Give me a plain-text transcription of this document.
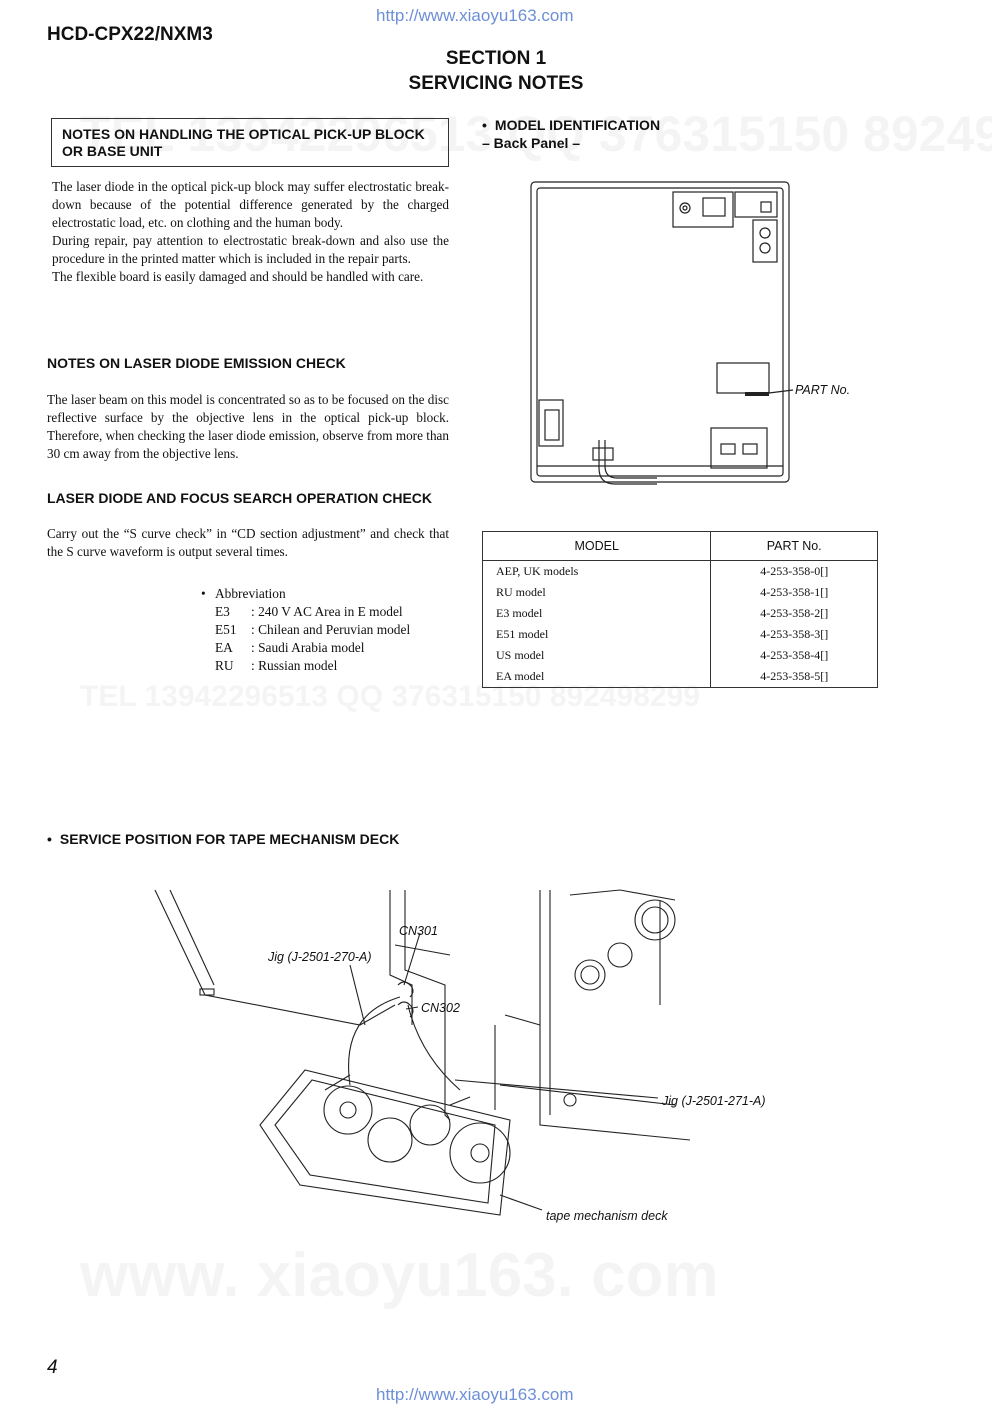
http://www.xiaoyu163.com
HCD-CPX22/NXM3
SECTION 1
SERVICING NOTES
NOTES ON HANDLING THE OPTICAL PICK-UP BLOCK
OR BASE UNIT
The laser diode in the optical pick-up block may suffer electrostatic break-down because of the potential difference generated by the charged electrostatic load, etc. on clothing and the human body.
During repair, pay attention to electrostatic break-down and also use the procedure in the printed matter which is included in the repair parts.
The flexible board is easily damaged and should be handled with care.
NOTES ON LASER DIODE EMISSION CHECK
The laser beam on this model is concentrated so as to be focused on the disc reflective surface by the objective lens in the optical pick-up block. Therefore, when checking the laser diode emission, observe from more than 30 cm away from the objective lens.
LASER DIODE AND FOCUS SEARCH OPERATION CHECK
Carry out the “S curve check” in “CD section adjustment” and check that the S curve waveform is output several times.
• Abbreviation
E3	: 240 V AC Area in E model
E51	: Chilean and Peruvian model
EA	: Saudi Arabia model
RU	: Russian model
• MODEL IDENTIFICATION
– Back Panel –
PART No.
MODEL	PART No.
AEP, UK models	4-253-358-0[]
RU model	4-253-358-1[]
E3 model	4-253-358-2[]
E51 model	4-253-358-3[]
US model	4-253-358-4[]
EA model	4-253-358-5[]
• SERVICE POSITION FOR TAPE MECHANISM DECK
CN301
Jig (J-2501-270-A)
CN302
Jig (J-2501-271-A)
tape mechanism deck
4
http://www.xiaoyu163.com
